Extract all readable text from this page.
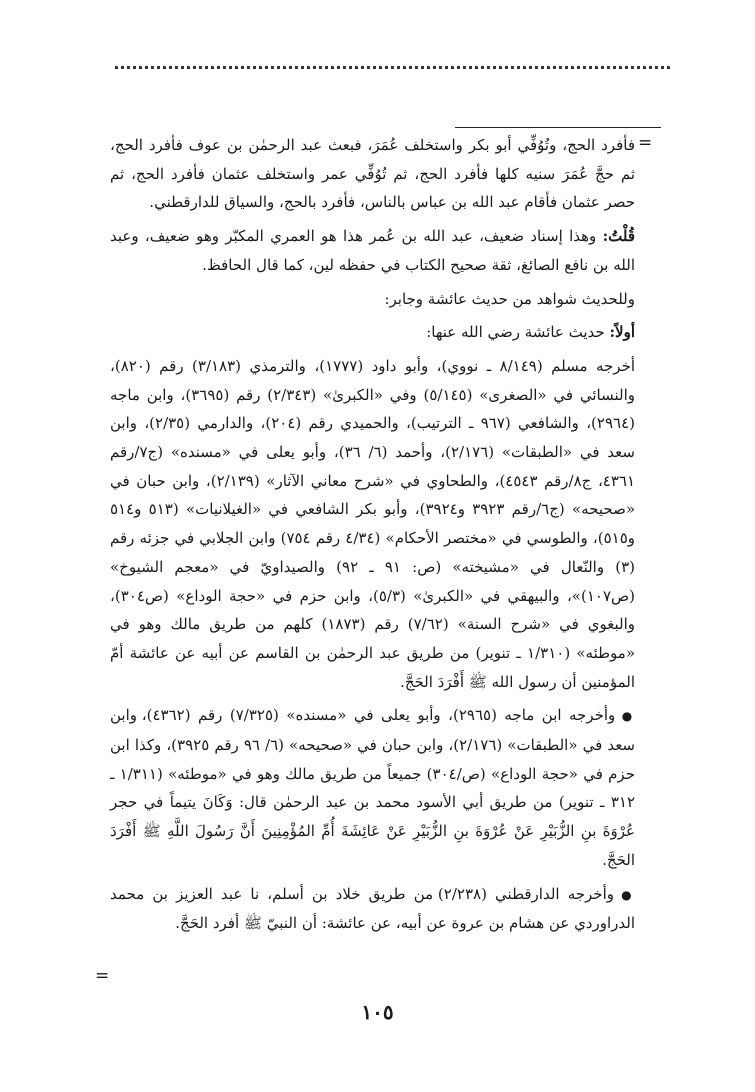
=

فأفرد الحج، وتُوُفِّي أبو بكر واستخلف عُمَرَ، فبعث عبد الرحمٰن بن عوف فأفرد الحج، ثم حجَّ عُمَرَ سنيه كلها فأفرد الحج، ثم تُوُفِّي عمر واستخلف عثمان فأفرد الحج، ثم حصر عثمان فأقام عبد الله بن عباس بالناس، فأفرد بالحج، والسياق للدارقطني.

قُلْتُ: وهذا إسناد ضعيف، عبد الله بن عُمر هذا هو العمري المكبّر وهو ضعيف، وعبد الله بن نافع الصائغ، ثقة صحيح الكتاب في حفظه لين، كما قال الحافظ.

وللحديث شواهد من حديث عائشة وجابر:

أولاً: حديث عائشة رضي الله عنها:

أخرجه مسلم (٨/١٤٩ ـ نووي)، وأبو داود (١٧٧٧)، والترمذي (٣/١٨٣) رقم (٨٢٠)، والنسائي في «الصغرى» (٥/١٤٥) وفي «الكبرىٰ» (٢/٣٤٣) رقم (٣٦٩٥)، وابن ماجه (٢٩٦٤)، والشافعي (٩٦٧ ـ الترتيب)، والحميدي رقم (٢٠٤)، والدارمي (٢/٣٥)، وابن سعد في «الطبقات» (٢/١٧٦)، وأحمد (٦/ ٣٦)، وأبو يعلى في «مسنده» (ج٧/رقم ٤٣٦١، ج٨/رقم ٤٥٤٣)، والطحاوي في «شرح معاني الآثار» (٢/١٣٩)، وابن حبان في «صحيحه» (ج٦/رقم ٣٩٢٣ و٣٩٢٤)، وأبو بكر الشافعي في «الغيلانيات» (٥١٣ و٥١٤ و٥١٥)، والطوسي في «مختصر الأحكام» (٤/٣٤ رقم ٧٥٤) وابن الجلابي في جزئه رقم (٣) والنّعال في «مشيخته» (ص: ٩١ ـ ٩٢) والصيداويّ في «معجم الشيوخ» (ص١٠٧)»، والبيهقي في «الكبرىٰ» (٥/٣)، وابن حزم في «حجة الوداع» (ص٣٠٤)، والبغوي في «شرح السنة» (٧/٦٢) رقم (١٨٧٣) كلهم من طريق مالك وهو في «موطئه» (١/٣١٠ ـ تنوير) من طريق عبد الرحمٰن بن القاسم عن أبيه عن عائشة أمّ المؤمنين أن رسول الله ﷺ أَفْرَدَ الحَجَّ.

● وأخرجه ابن ماجه (٢٩٦٥)، وأبو يعلى في «مسنده» (٧/٣٢٥) رقم (٤٣٦٢)، وابن سعد في «الطبقات» (٢/١٧٦)، وابن حبان في «صحيحه» (٦/ ٩٦ رقم ٣٩٢٥)، وكذا ابن حزم في «حجة الوداع» (ص/٣٠٤) جميعاً من طريق مالك وهو في «موطئه» (١/٣١١ ـ ٣١٢ ـ تنوير) من طريق أبي الأسود محمد بن عبد الرحمٰن قال: وَكَانَ يتيماً في حجر عُرْوَةَ بنِ الزُّبَيْرِ عَنْ عُرْوَةَ بنِ الزُّبَيْرِ عَنْ عَائِشَةَ أُمِّ المُؤْمِنِينَ أَنَّ رَسُولَ اللَّهِ ﷺ أَفْرَدَ الحَجَّ.

● وأخرجه الدارقطني (٢/٢٣٨) من طريق خلاد بن أسلم، نا عبد العزيز بن محمد الدراوردي عن هشام بن عروة عن أبيه، عن عائشة: أن النبيّ ﷺ أفرد الحَجَّ.

=
١٠٥
